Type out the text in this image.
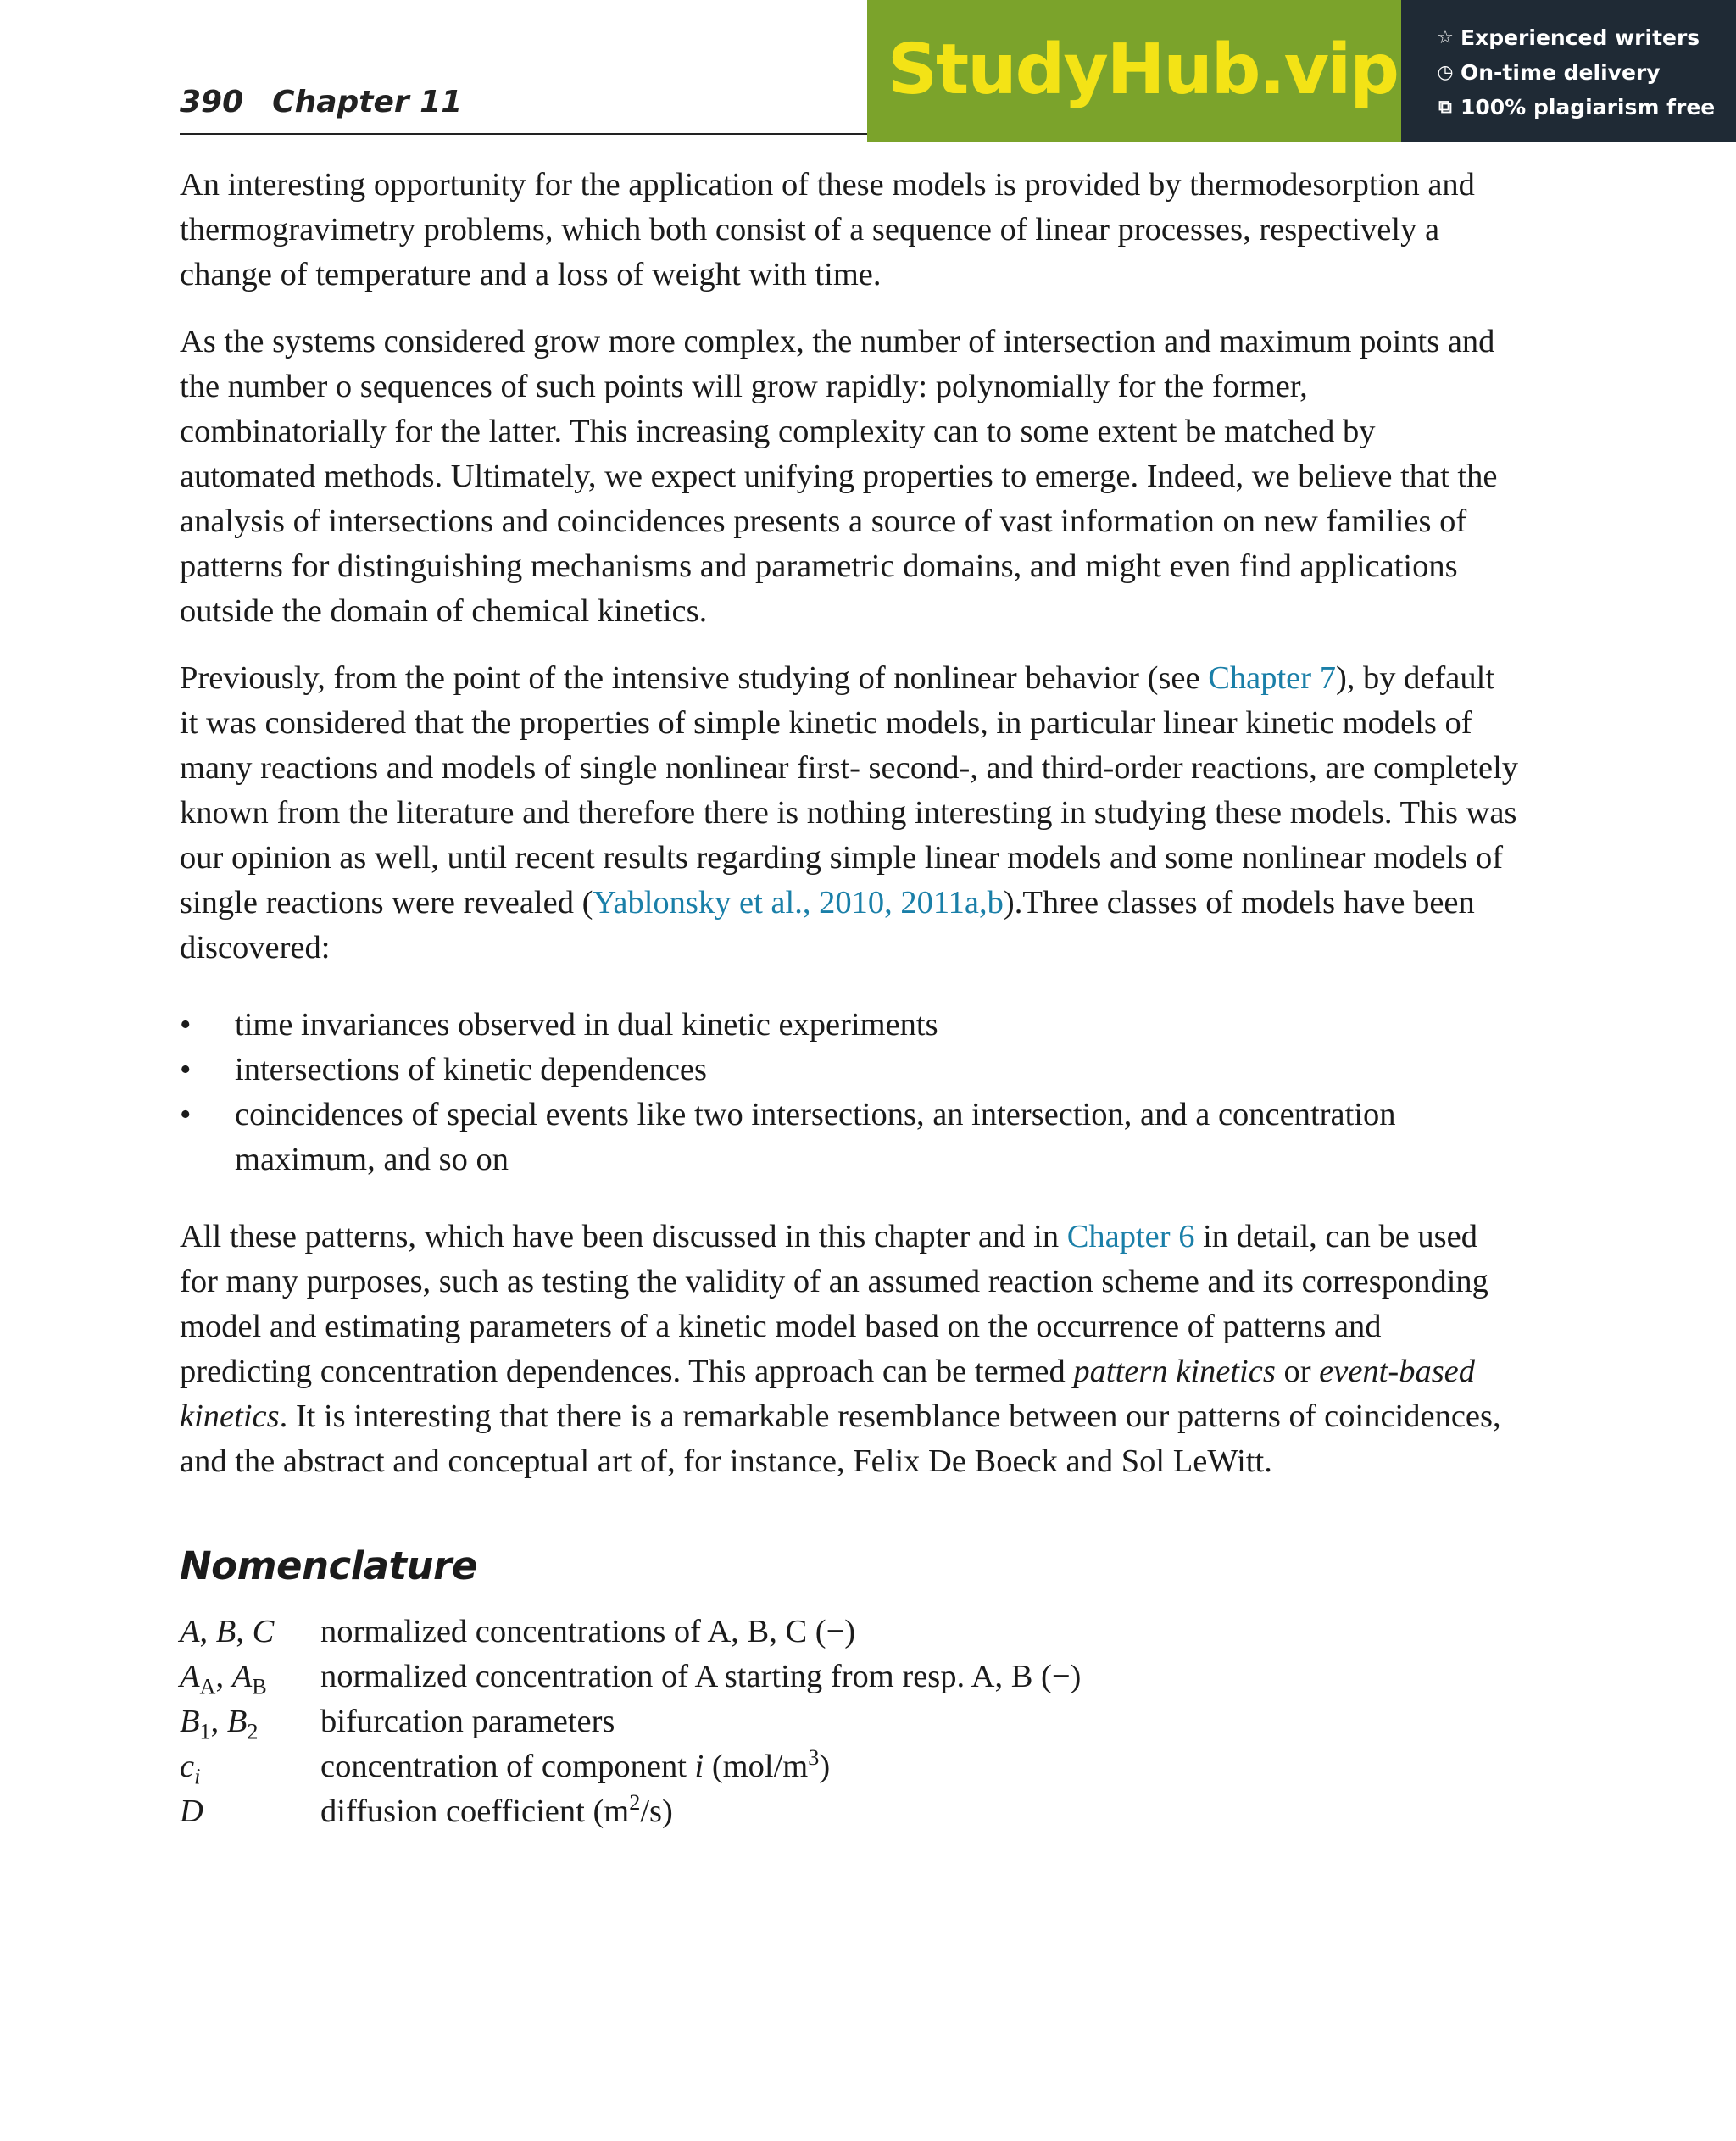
390 Chapter 11	StudyHub.vip ☆ Experienced writers
◷ On-time delivery
⧉ 100% plagiarism free

An interesting opportunity for the application of these models is provided by thermodesorption and thermogravimetry problems, which both consist of a sequence of linear processes, respectively a change of temperature and a loss of weight with time.

As the systems considered grow more complex, the number of intersection and maximum points and the number o sequences of such points will grow rapidly: polynomially for the former, combinatorially for the latter. This increasing complexity can to some extent be matched by automated methods. Ultimately, we expect unifying properties to emerge. Indeed, we believe that the analysis of intersections and coincidences presents a source of vast information on new families of patterns for distinguishing mechanisms and parametric domains, and might even find applications outside the domain of chemical kinetics.

Previously, from the point of the intensive studying of nonlinear behavior (see Chapter 7), by default it was considered that the properties of simple kinetic models, in particular linear kinetic models of many reactions and models of single nonlinear first- second-, and third-order reactions, are completely known from the literature and therefore there is nothing interesting in studying these models. This was our opinion as well, until recent results regarding simple linear models and some nonlinear models of single reactions were revealed (Yablonsky et al., 2010, 2011a,b).Three classes of models have been discovered:

• time invariances observed in dual kinetic experiments
• intersections of kinetic dependences
• coincidences of special events like two intersections, an intersection, and a concentration maximum, and so on

All these patterns, which have been discussed in this chapter and in Chapter 6 in detail, can be used for many purposes, such as testing the validity of an assumed reaction scheme and its corresponding model and estimating parameters of a kinetic model based on the occurrence of patterns and predicting concentration dependences. This approach can be termed pattern kinetics or event-based kinetics. It is interesting that there is a remarkable resemblance between our patterns of coincidences, and the abstract and conceptual art of, for instance, Felix De Boeck and Sol LeWitt.

Nomenclature
A, B, C	normalized concentrations of A, B, C (−)
$A_A$, $A_B$	normalized concentration of A starting from resp. A, B (−)
$B_1$, $B_2$	bifurcation parameters
$c_i$	concentration of component i $(mol/m^3)$
D	diffusion coefficient $(m^2/s)$
